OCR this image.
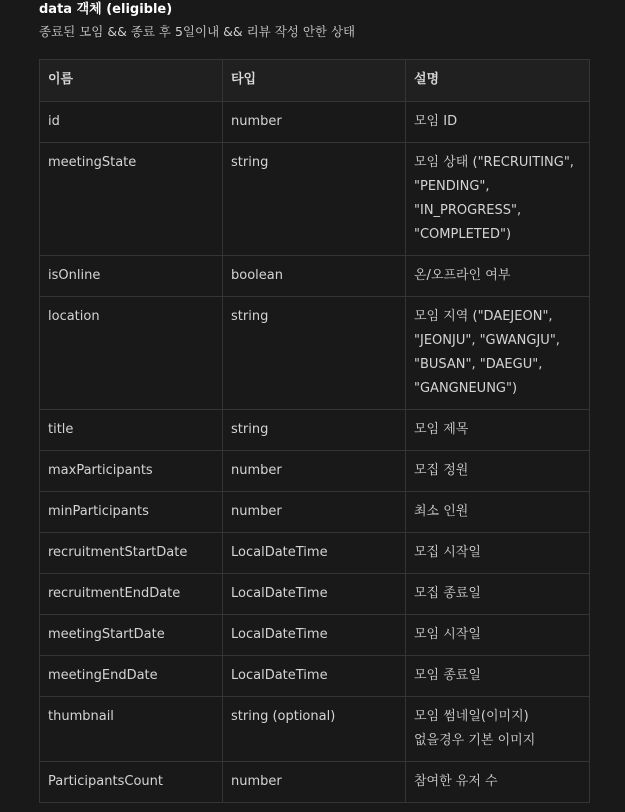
data 객체 (eligible)
종료된 모임 && 종료 후 5일이내 && 리뷰 작성 안한 상태
이름	타입	설명
id	number	모임 ID
meetingState	string	모임 상태 ("RECRUITING",
"PENDING",
"IN_PROGRESS",
"COMPLETED")
isOnline	boolean	온/오프라인 여부
location	string	모임 지역 ("DAEJEON",
"JEONJU", "GWANGJU",
"BUSAN", "DAEGU",
"GANGNEUNG")
title	string	모임 제목
maxParticipants	number	모집 정원
minParticipants	number	최소 인원
recruitmentStartDate	LocalDateTime	모집 시작일
recruitmentEndDate	LocalDateTime	모집 종료일
meetingStartDate	LocalDateTime	모임 시작일
meetingEndDate	LocalDateTime	모임 종료일
thumbnail	string (optional)	모임 썸네일(이미지)
없을경우 기본 이미지
ParticipantsCount	number	참여한 유저 수
